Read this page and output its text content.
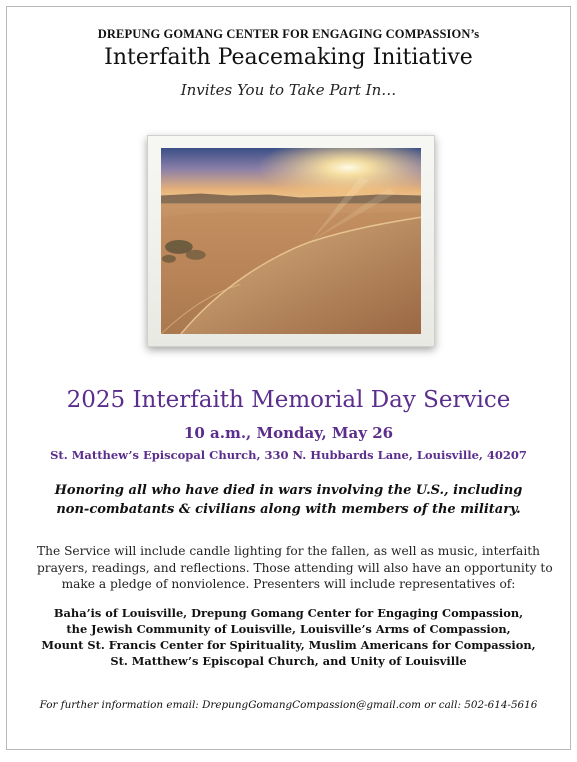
DREPUNG GOMANG CENTER FOR ENGAGING COMPASSION’s
Interfaith Peacemaking Initiative
Invites You to Take Part In…
2025 Interfaith Memorial Day Service
10 a.m., Monday, May 26
St. Matthew’s Episcopal Church, 330 N. Hubbards Lane, Louisville, 40207
Honoring all who have died in wars involving the U.S., including
non-combatants & civilians along with members of the military.
The Service will include candle lighting for the fallen, as well as music, interfaith
prayers, readings, and reflections. Those attending will also have an opportunity to
make a pledge of nonviolence. Presenters will include representatives of:
Baha’is of Louisville, Drepung Gomang Center for Engaging Compassion,
the Jewish Community of Louisville, Louisville’s Arms of Compassion,
Mount St. Francis Center for Spirituality, Muslim Americans for Compassion,
St. Matthew’s Episcopal Church, and Unity of Louisville
For further information email: DrepungGomangCompassion@gmail.com or call: 502-614-5616
